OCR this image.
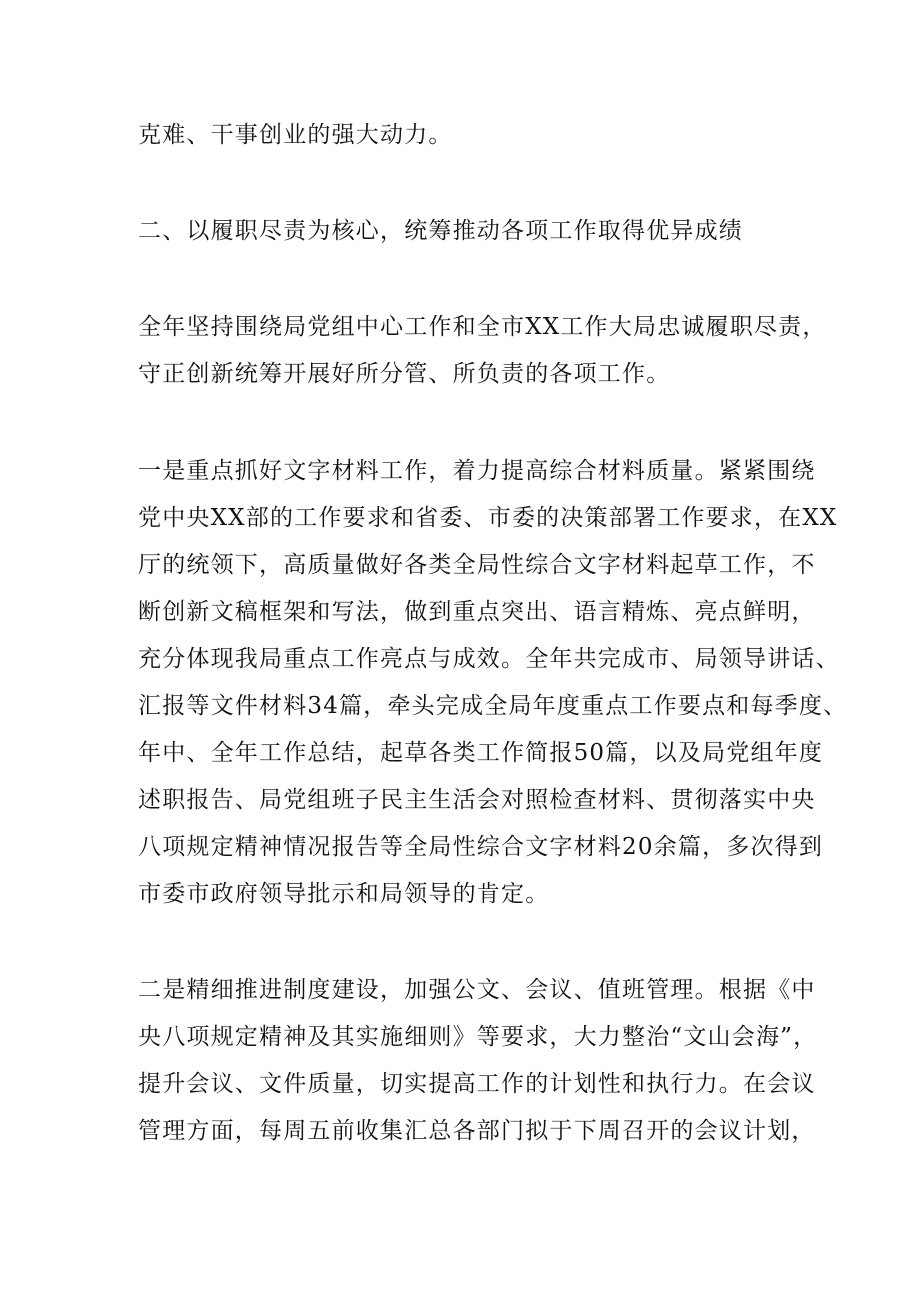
克难、干事创业的强大动力。
二、以履职尽责为核心，统筹推动各项工作取得优异成绩
全年坚持围绕局党组中心工作和全市XX工作大局忠诚履职尽责，
守正创新统筹开展好所分管、所负责的各项工作。
一是重点抓好文字材料工作，着力提高综合材料质量。紧紧围绕
党中央XX部的工作要求和省委、市委的决策部署工作要求，在XX
厅的统领下，高质量做好各类全局性综合文字材料起草工作，不
断创新文稿框架和写法，做到重点突出、语言精炼、亮点鲜明，
充分体现我局重点工作亮点与成效。全年共完成市、局领导讲话、
汇报等文件材料34篇，牵头完成全局年度重点工作要点和每季度、
年中、全年工作总结，起草各类工作简报50篇，以及局党组年度
述职报告、局党组班子民主生活会对照检查材料、贯彻落实中央
八项规定精神情况报告等全局性综合文字材料20余篇，多次得到
市委市政府领导批示和局领导的肯定。
二是精细推进制度建设，加强公文、会议、值班管理。根据《中
央八项规定精神及其实施细则》等要求，大力整治“文山会海”，
提升会议、文件质量，切实提高工作的计划性和执行力。在会议
管理方面，每周五前收集汇总各部门拟于下周召开的会议计划，
